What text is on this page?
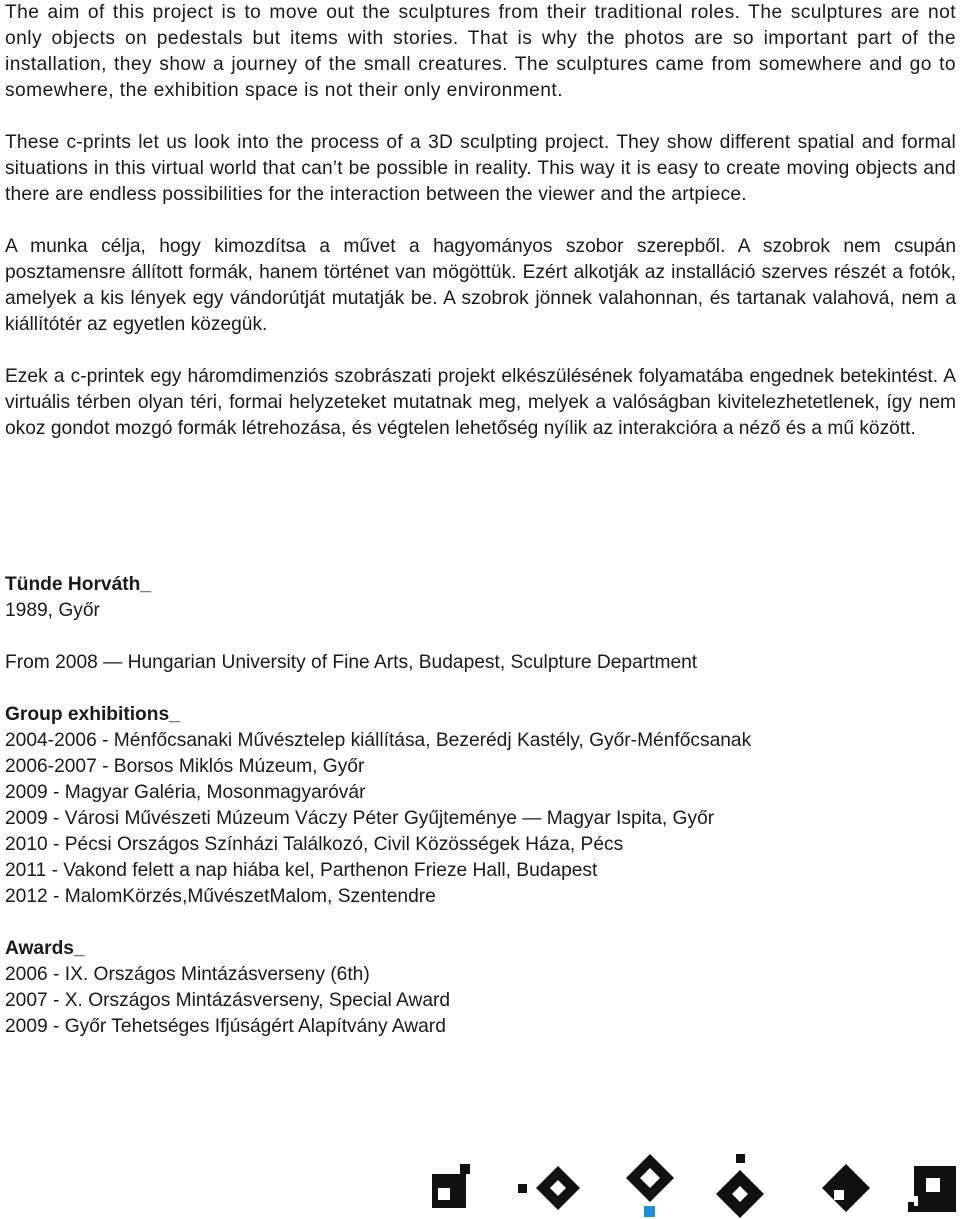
The aim of this project is to move out the sculptures from their traditional roles. The sculptures are not only objects on pedestals but items with stories. That is why the photos are so important part of the installation, they show a journey of the small creatures. The sculptures came from somewhere and go to somewhere, the exhibition space is not their only environment.

These c-prints let us look into the process of a 3D sculpting project. They show different spatial and formal situations in this virtual world that can’t be possible in reality. This way it is easy to create moving objects and there are endless possibilities for the interaction between the viewer and the artpiece.

A munka célja, hogy kimozdítsa a művet a hagyományos szobor szerepből. A szobrok nem csupán posztamensre állított formák, hanem történet van mögöttük. Ezért alkotják az installáció szerves részét a fotók, amelyek a kis lények egy vándorútját mutatják be. A szobrok jönnek valahonnan, és tartanak valahová, nem a kiállítótér az egyetlen közegük.

Ezek a c-printek egy háromdimenziós szobrászati projekt elkészülésének folyamatába engednek betekintést. A virtuális térben olyan téri, formai helyzeteket mutatnak meg, melyek a valóságban kivitelezhetetlenek, így nem okoz gondot mozgó formák létrehozása, és végtelen lehetőség nyílik az interakcióra a néző és a mű között.

Tünde Horváth_

1989, Győr

From 2008 — Hungarian University of Fine Arts, Budapest, Sculpture Department

Group exhibitions_

2004-2006 - Ménfőcsanaki Művésztelep kiállítása, Bezerédj Kastély, Győr-Ménfőcsanak
2006-2007 - Borsos Miklós Múzeum, Győr
2009 - Magyar Galéria, Mosonmagyaróvár
2009 - Városi Művészeti Múzeum Váczy Péter Gyűjteménye — Magyar Ispita, Győr
2010 - Pécsi Országos Színházi Találkozó, Civil Közösségek Háza, Pécs
2011 - Vakond felett a nap hiába kel, Parthenon Frieze Hall, Budapest
2012 - MalomKörzés,MűvészetMalom, Szentendre

Awards_

2006 - IX. Országos Mintázásverseny (6th)
2007 - X. Országos Mintázásverseny, Special Award
2009 - Győr Tehetséges Ifjúságért Alapítvány Award
